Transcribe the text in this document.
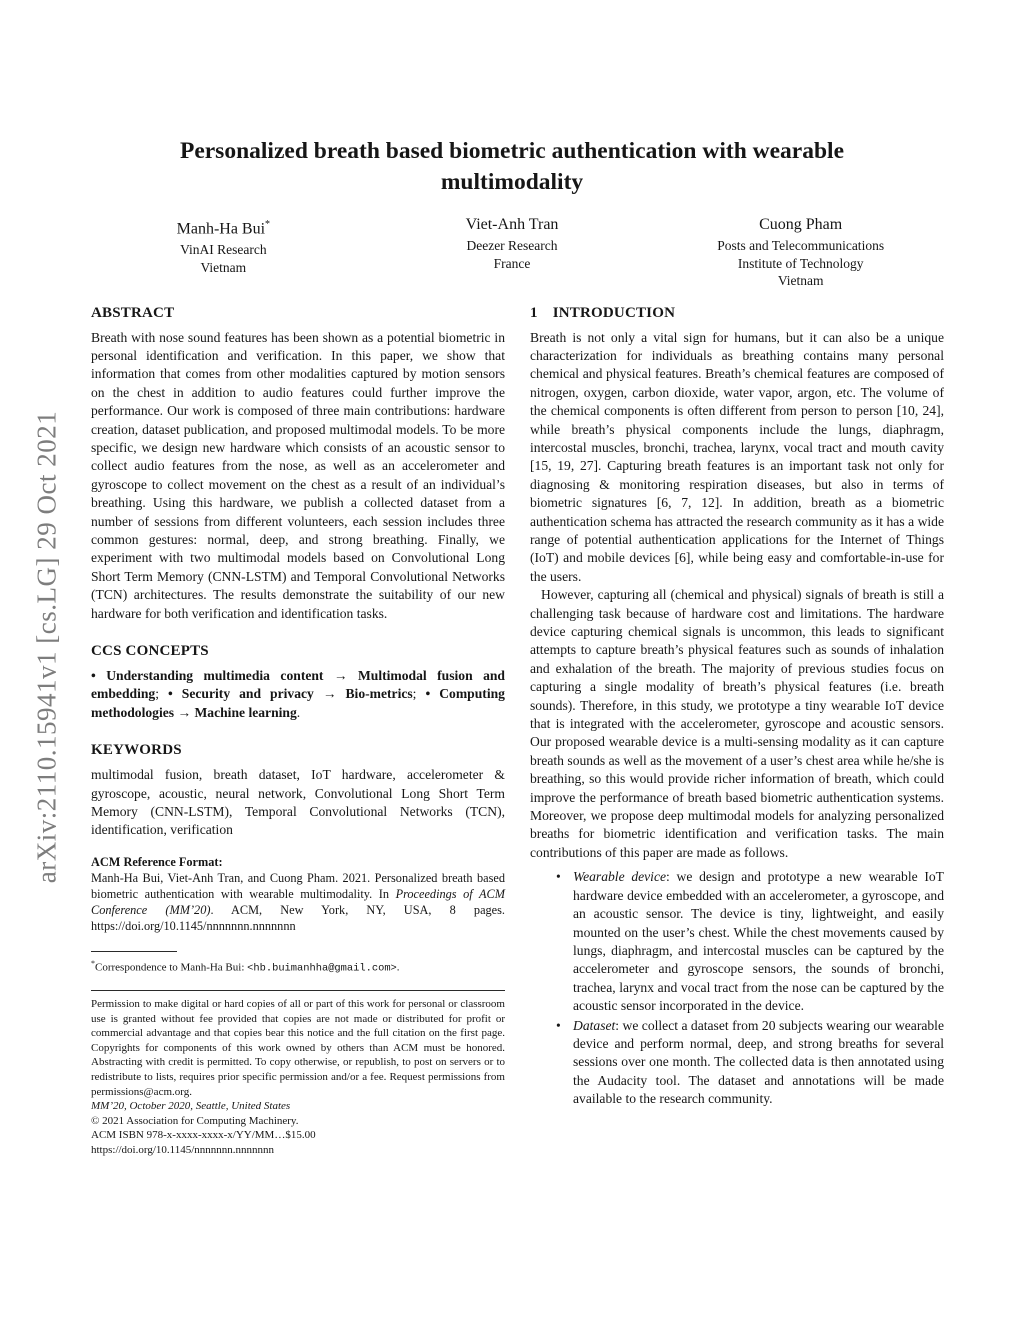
arXiv:2110.15941v1 [cs.LG] 29 Oct 2021
Personalized breath based biometric authentication with wearable multimodality
Manh-Ha Bui*
VinAI Research
Vietnam
Viet-Anh Tran
Deezer Research
France
Cuong Pham
Posts and Telecommunications
Institute of Technology
Vietnam
ABSTRACT

Breath with nose sound features has been shown as a potential biometric in personal identification and verification. In this paper, we show that information that comes from other modalities captured by motion sensors on the chest in addition to audio features could further improve the performance. Our work is composed of three main contributions: hardware creation, dataset publication, and proposed multimodal models. To be more specific, we design new hardware which consists of an acoustic sensor to collect audio features from the nose, as well as an accelerometer and gyroscope to collect movement on the chest as a result of an individual’s breathing. Using this hardware, we publish a collected dataset from a number of sessions from different volunteers, each session includes three common gestures: normal, deep, and strong breathing. Finally, we experiment with two multimodal models based on Convolutional Long Short Term Memory (CNN-LSTM) and Temporal Convolutional Networks (TCN) architectures. The results demonstrate the suitability of our new hardware for both verification and identification tasks.

CCS CONCEPTS

• Understanding multimedia content → Multimodal fusion and embedding; • Security and privacy → Bio-metrics; • Computing methodologies → Machine learning.

KEYWORDS

multimodal fusion, breath dataset, IoT hardware, accelerometer & gyroscope, acoustic, neural network, Convolutional Long Short Term Memory (CNN-LSTM), Temporal Convolutional Networks (TCN), identification, verification

ACM Reference Format:
Manh-Ha Bui, Viet-Anh Tran, and Cuong Pham. 2021. Personalized breath based biometric authentication with wearable multimodality. In Proceedings of ACM Conference (MM’20). ACM, New York, NY, USA, 8 pages. https://doi.org/10.1145/nnnnnnn.nnnnnnn

*Correspondence to Manh-Ha Bui: <hb.buimanhha@gmail.com>.

Permission to make digital or hard copies of all or part of this work for personal or classroom use is granted without fee provided that copies are not made or distributed for profit or commercial advantage and that copies bear this notice and the full citation on the first page. Copyrights for components of this work owned by others than ACM must be honored. Abstracting with credit is permitted. To copy otherwise, or republish, to post on servers or to redistribute to lists, requires prior specific permission and/or a fee. Request permissions from permissions@acm.org.

MM’20, October 2020, Seattle, United States

© 2021 Association for Computing Machinery.

ACM ISBN 978-x-xxxx-xxxx-x/YY/MM…$15.00

https://doi.org/10.1145/nnnnnnn.nnnnnnn

1 INTRODUCTION

Breath is not only a vital sign for humans, but it can also be a unique characterization for individuals as breathing contains many personal chemical and physical features. Breath’s chemical features are composed of nitrogen, oxygen, carbon dioxide, water vapor, argon, etc. The volume of the chemical components is often different from person to person [10, 24], while breath’s physical components include the lungs, diaphragm, intercostal muscles, bronchi, trachea, larynx, vocal tract and mouth cavity [15, 19, 27]. Capturing breath features is an important task not only for diagnosing & monitoring respiration diseases, but also in terms of biometric signatures [6, 7, 12]. In addition, breath as a biometric authentication schema has attracted the research community as it has a wide range of potential authentication applications for the Internet of Things (IoT) and mobile devices [6], while being easy and comfortable-in-use for the users.

However, capturing all (chemical and physical) signals of breath is still a challenging task because of hardware cost and limitations. The hardware device capturing chemical signals is uncommon, this leads to significant attempts to capture breath’s physical features such as sounds of inhalation and exhalation of the breath. The majority of previous studies focus on capturing a single modality of breath’s physical features (i.e. breath sounds). Therefore, in this study, we prototype a tiny wearable IoT device that is integrated with the accelerometer, gyroscope and acoustic sensors. Our proposed wearable device is a multi-sensing modality as it can capture breath sounds as well as the movement of a user’s chest area while he/she is breathing, so this would provide richer information of breath, which could improve the performance of breath based biometric authentication systems. Moreover, we propose deep multimodal models for analyzing personalized breaths for biometric identification and verification tasks. The main contributions of this paper are made as follows.

• Wearable device: we design and prototype a new wearable IoT hardware device embedded with an accelerometer, a gyroscope, and an acoustic sensor. The device is tiny, lightweight, and easily mounted on the user’s chest. While the chest movements caused by lungs, diaphragm, and intercostal muscles can be captured by the accelerometer and gyroscope sensors, the sounds of bronchi, trachea, larynx and vocal tract from the nose can be captured by the acoustic sensor incorporated in the device.
• Dataset: we collect a dataset from 20 subjects wearing our wearable device and perform normal, deep, and strong breaths for several sessions over one month. The collected data is then annotated using the Audacity tool. The dataset and annotations will be made available to the research community.
